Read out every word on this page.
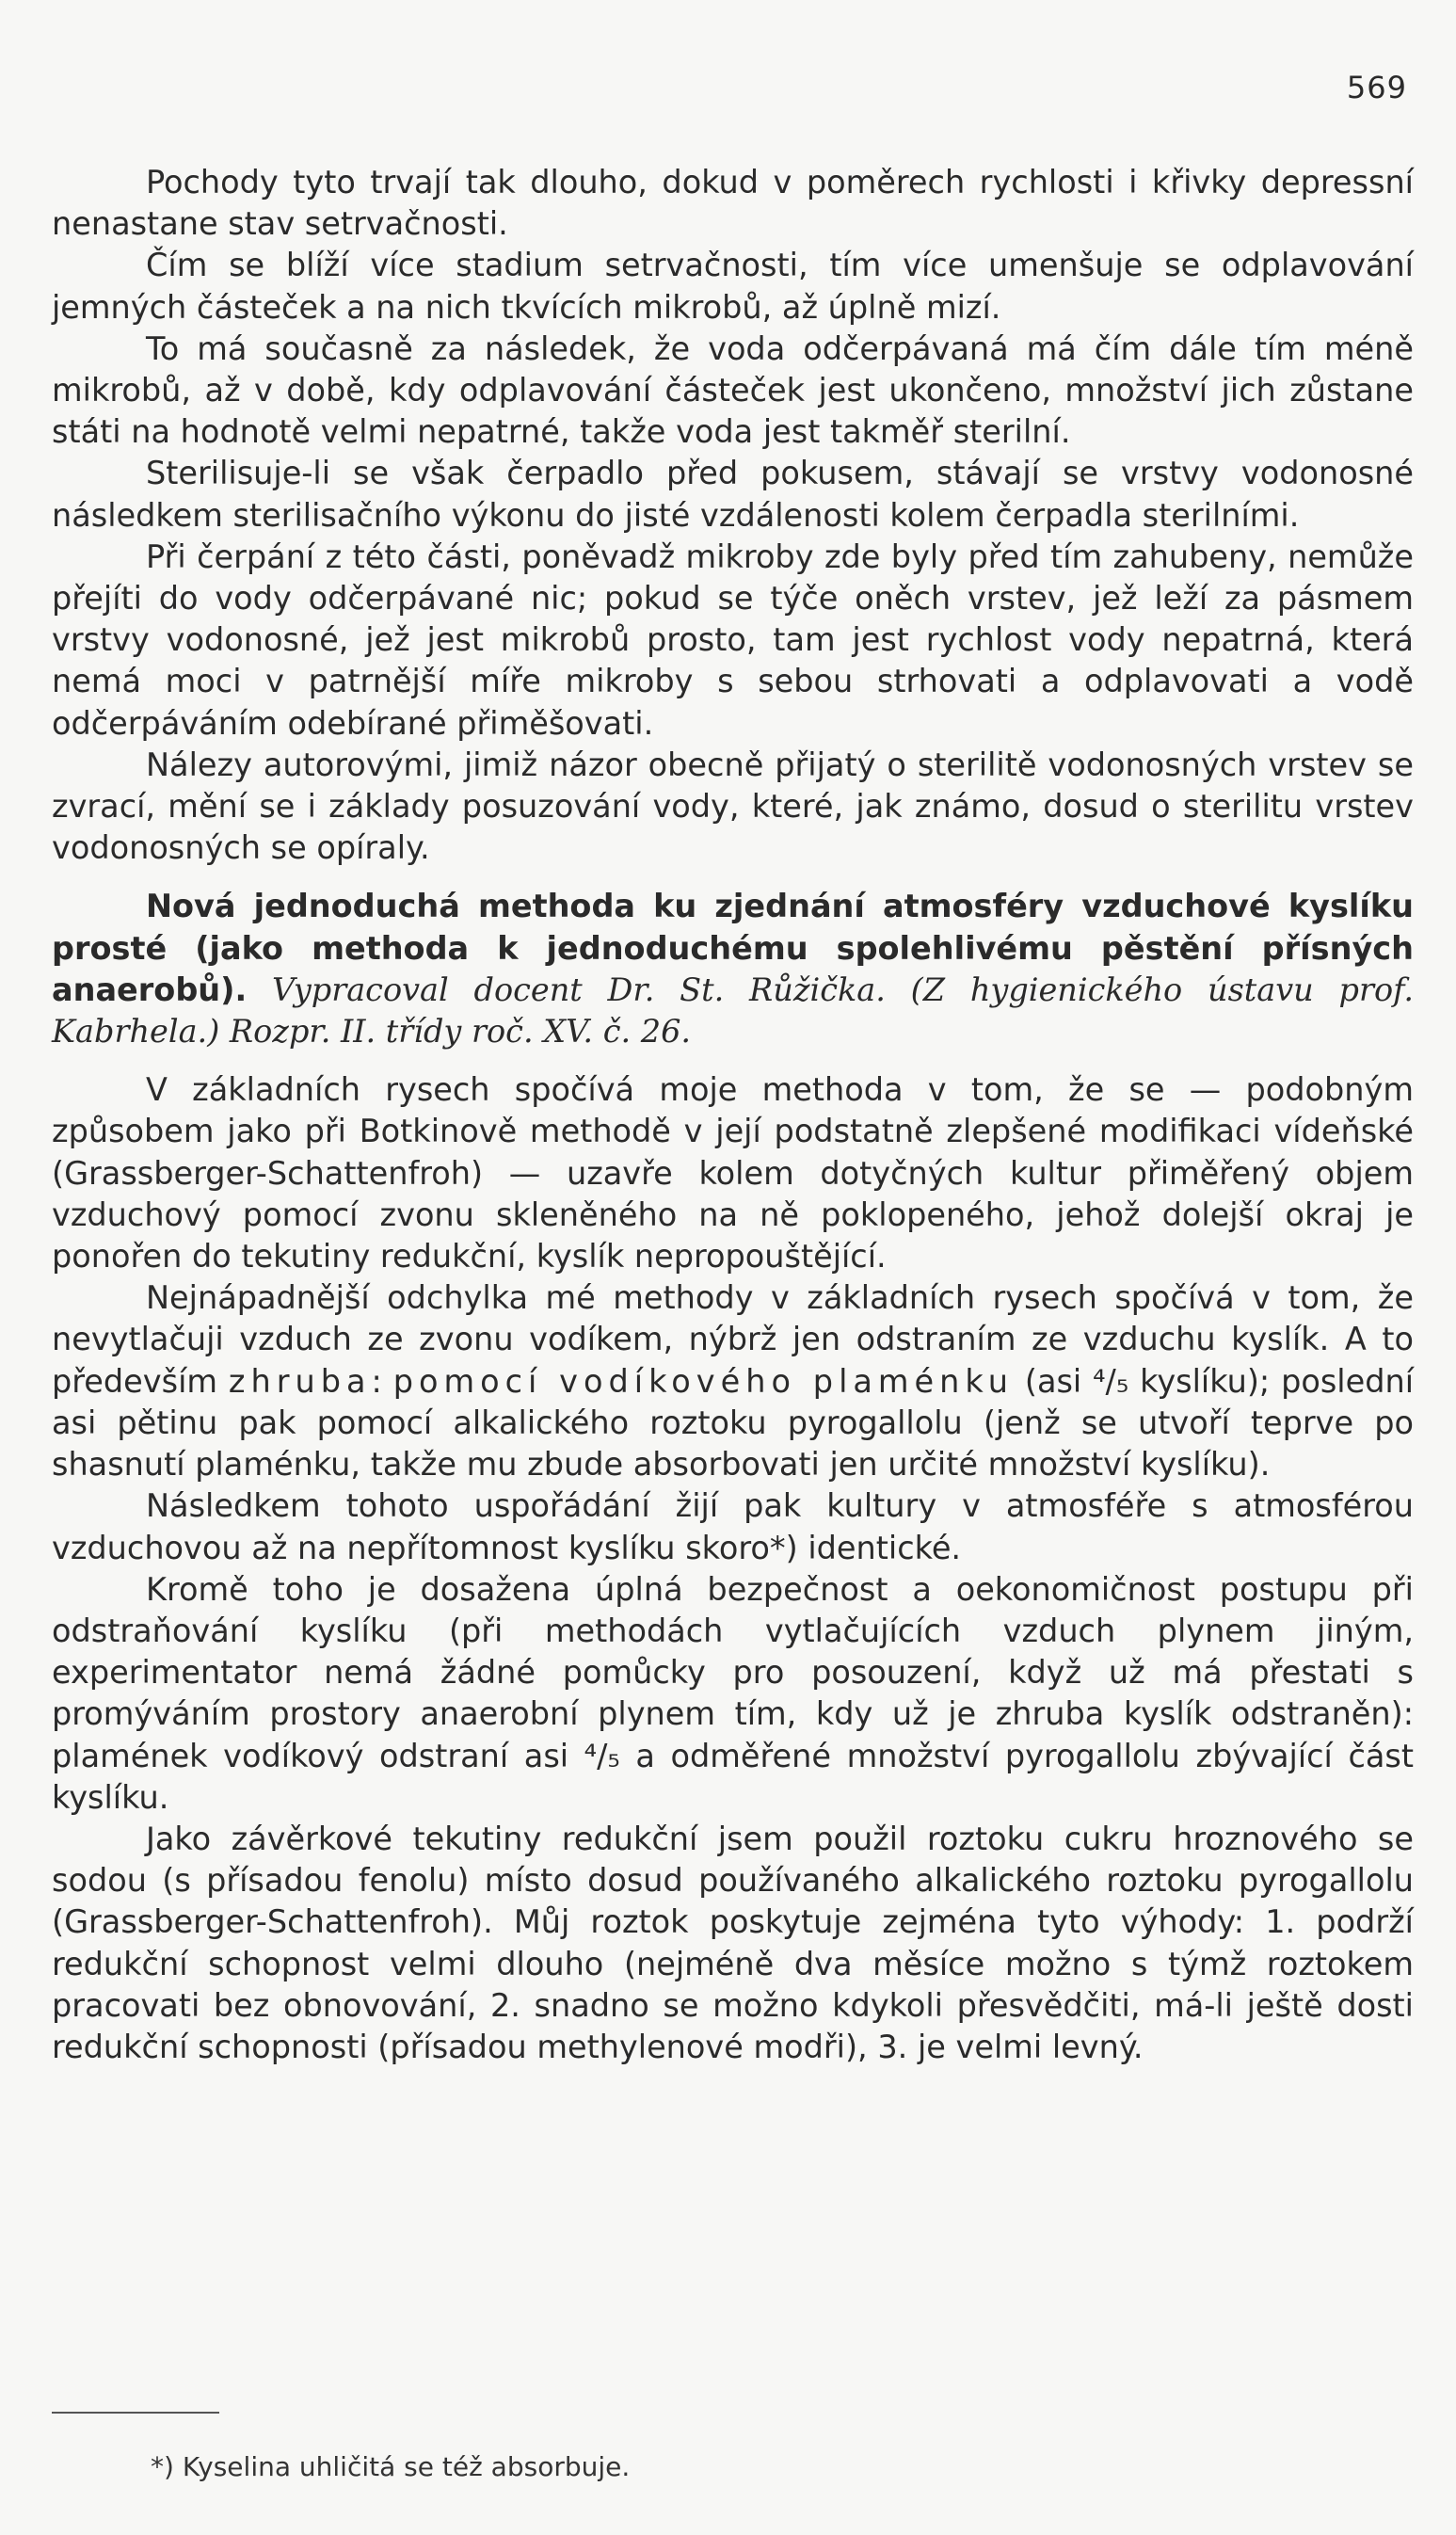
569

Pochody tyto trvají tak dlouho, dokud v poměrech rychlosti i křivky depressní nenastane stav setrvačnosti.

Čím se blíží více stadium setrvačnosti, tím více umenšuje se odplavování jemných částeček a na nich tkvících mikrobů, až úplně mizí.

To má současně za následek, že voda odčerpávaná má čím dále tím méně mikrobů, až v době, kdy odplavování částeček jest ukončeno, množství jich zůstane státi na hodnotě velmi nepatrné, takže voda jest takměř sterilní.

Sterilisuje-li se však čerpadlo před pokusem, stávají se vrstvy vodonosné následkem sterilisačního výkonu do jisté vzdálenosti kolem čerpadla sterilními.

Při čerpání z této části, poněvadž mikroby zde byly před tím zahubeny, nemůže přejíti do vody odčerpávané nic; pokud se týče oněch vrstev, jež leží za pásmem vrstvy vodonosné, jež jest mikrobů prosto, tam jest rychlost vody nepatrná, která nemá moci v patrnější míře mikroby s sebou strhovati a odplavovati a vodě odčerpáváním odebírané přiměšovati.

Nálezy autorovými, jimiž názor obecně přijatý o sterilitě vodonosných vrstev se zvrací, mění se i základy posuzování vody, které, jak známo, dosud o sterilitu vrstev vodonosných se opíraly.

Nová jednoduchá methoda ku zjednání atmosféry vzduchové kyslíku prosté (jako methoda k jednoduchému spolehlivému pěstění přísných anaerobů). Vypracoval docent Dr. St. Růžička. (Z hygienického ústavu prof. Kabrhela.) Rozpr. II. třídy roč. XV. č. 26.

V základních rysech spočívá moje methoda v tom, že se — podobným způsobem jako při Botkinově methodě v její podstatně zlepšené modifikaci vídeňské (Grassberger-Schattenfroh) — uzavře kolem dotyčných kultur přiměřený objem vzduchový pomocí zvonu skleněného na ně poklopeného, jehož dolejší okraj je ponořen do tekutiny redukční, kyslík nepropouštějící.

Nejnápadnější odchylka mé methody v základních rysech spočívá v tom, že nevytlačuji vzduch ze zvonu vodíkem, nýbrž jen odstraním ze vzduchu kyslík. A to především zhruba: pomocí vodíkového plaménku (asi ⁴/₅ kyslíku); poslední asi pětinu pak pomocí alkalického roztoku pyrogallolu (jenž se utvoří teprve po shasnutí plaménku, takže mu zbude absorbovati jen určité množství kyslíku).

Následkem tohoto uspořádání žijí pak kultury v atmosféře s atmosférou vzduchovou až na nepřítomnost kyslíku skoro*) identické.

Kromě toho je dosažena úplná bezpečnost a oekonomičnost postupu při odstraňování kyslíku (při methodách vytlačujících vzduch plynem jiným, experimentator nemá žádné pomůcky pro posouzení, když už má přestati s promýváním prostory anaerobní plynem tím, kdy už je zhruba kyslík odstraněn): plamének vodíkový odstraní asi ⁴/₅ a odměřené množství pyrogallolu zbývající část kyslíku.

Jako závěrkové tekutiny redukční jsem použil roztoku cukru hroznového se sodou (s přísadou fenolu) místo dosud používaného alkalického roztoku pyrogallolu (Grassberger-Schattenfroh). Můj roztok poskytuje zejména tyto výhody: 1. podrží redukční schopnost velmi dlouho (nejméně dva měsíce možno s týmž roztokem pracovati bez obnovování, 2. snadno se možno kdykoli přesvědčiti, má-li ještě dosti redukční schopnosti (přísadou methylenové modři), 3. je velmi levný.

*) Kyselina uhličitá se též absorbuje.
